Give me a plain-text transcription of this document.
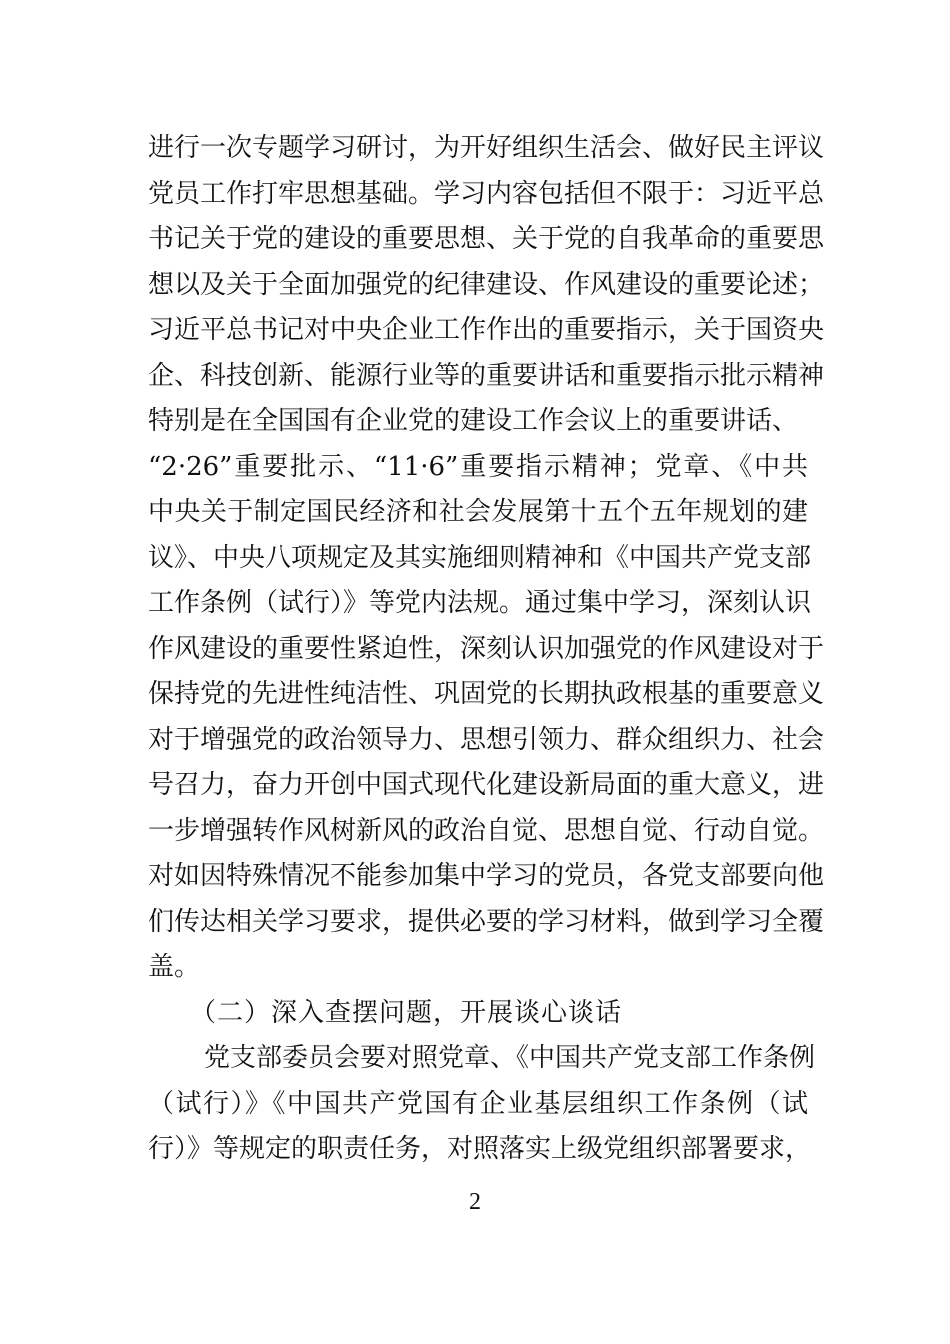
进行一次专题学习研讨，为开好组织生活会、做好民主评议
党员工作打牢思想基础。学习内容包括但不限于：习近平总
书记关于党的建设的重要思想、关于党的自我革命的重要思
想以及关于全面加强党的纪律建设、作风建设的重要论述；
习近平总书记对中央企业工作作出的重要指示，关于国资央
企、科技创新、能源行业等的重要讲话和重要指示批示精神
特别是在全国国有企业党的建设工作会议上的重要讲话、
“2·26”重要批示、“11·6”重要指示精神；党章、《中共
中央关于制定国民经济和社会发展第十五个五年规划的建
议》、中央八项规定及其实施细则精神和《中国共产党支部
工作条例（试行）》等党内法规。通过集中学习，深刻认识
作风建设的重要性紧迫性，深刻认识加强党的作风建设对于
保持党的先进性纯洁性、巩固党的长期执政根基的重要意义
对于增强党的政治领导力、思想引领力、群众组织力、社会
号召力，奋力开创中国式现代化建设新局面的重大意义，进
一步增强转作风树新风的政治自觉、思想自觉、行动自觉。
对如因特殊情况不能参加集中学习的党员，各党支部要向他
们传达相关学习要求，提供必要的学习材料，做到学习全覆
盖。
（二）深入查摆问题，开展谈心谈话
党支部委员会要对照党章、《中国共产党支部工作条例
（试行）》《中国共产党国有企业基层组织工作条例（试
行）》等规定的职责任务，对照落实上级党组织部署要求，
2
